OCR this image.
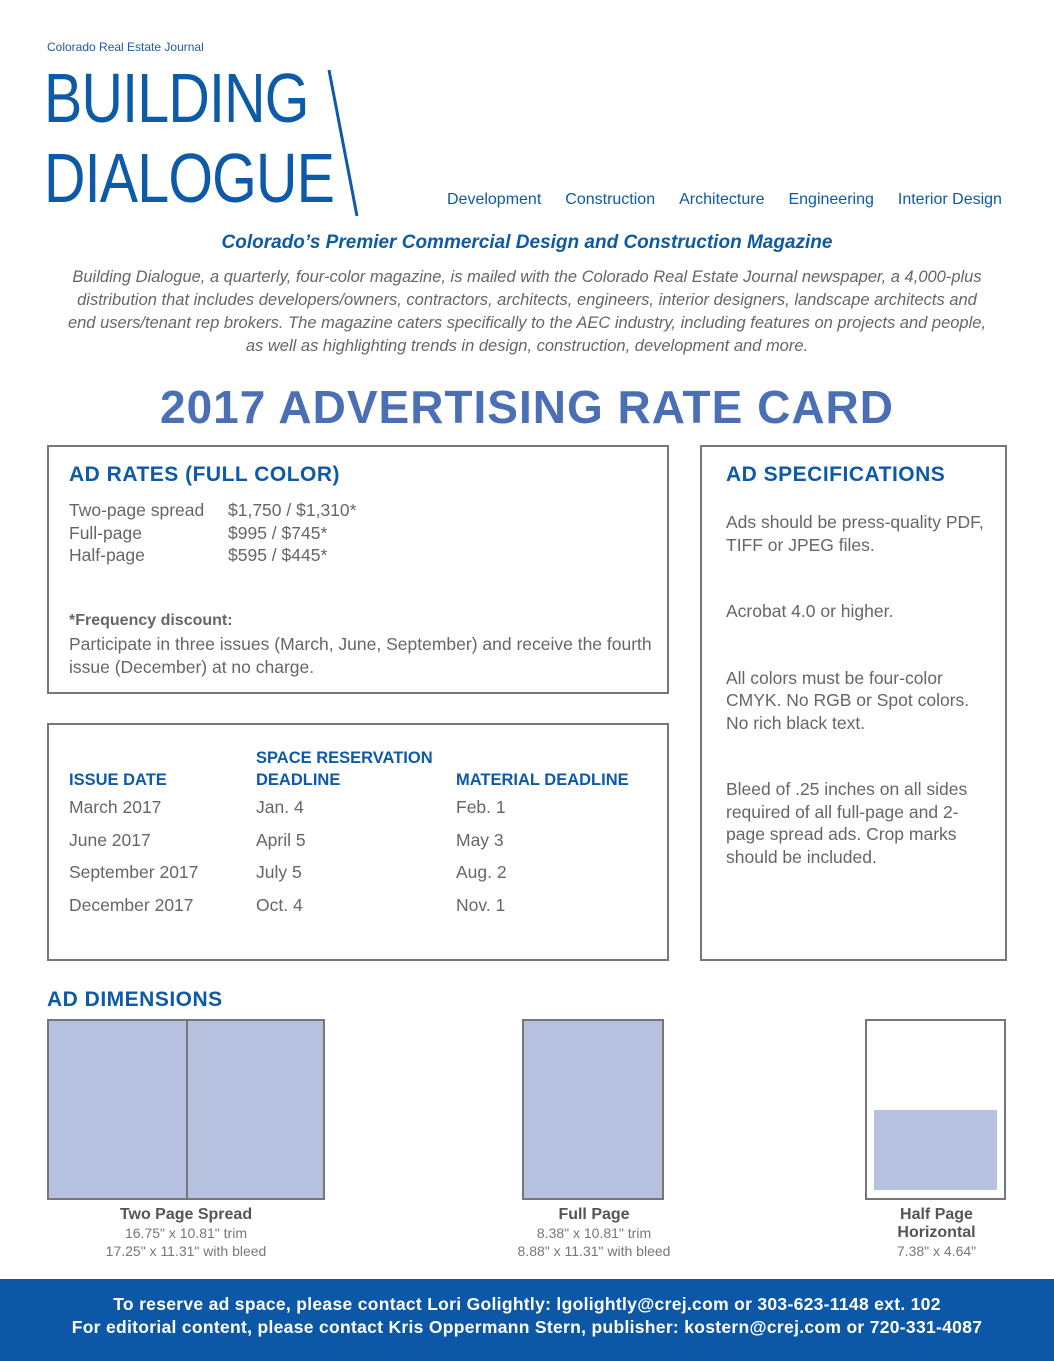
Colorado Real Estate Journal
BUILDING
DIALOGUE	Development Construction Architecture Engineering Interior Design
Colorado’s Premier Commercial Design and Construction Magazine
Building Dialogue, a quarterly, four-color magazine, is mailed with the Colorado Real Estate Journal newspaper, a 4,000-plus distribution that includes developers/owners, contractors, architects, engineers, interior designers, landscape architects and end users/tenant rep brokers. The magazine caters specifically to the AEC industry, including features on projects and people, as well as highlighting trends in design, construction, development and more.
2017 ADVERTISING RATE CARD
AD RATES (FULL COLOR)
Two-page spread	$1,750 / $1,310*
Full-page	$995 / $745*
Half-page	$595 / $445*
*Frequency discount:
Participate in three issues (March, June, September) and receive the fourth issue (December) at no charge.
ISSUE DATE
SPACE RESERVATION
DEADLINE	MATERIAL DEADLINE
March 2017	Jan. 4	Feb. 1
June 2017	April 5	May 3
September 2017	July 5	Aug. 2
December 2017	Oct. 4	Nov. 1
AD SPECIFICATIONS

Ads should be press-quality PDF, TIFF or JPEG files.

Acrobat 4.0 or higher.

All colors must be four-color CMYK. No RGB or Spot colors. No rich black text.

Bleed of .25 inches on all sides required of all full-page and 2-page spread ads. Crop marks should be included.

AD DIMENSIONS
Two Page Spread
16.75" x 10.81" trim
17.25" x 11.31" with bleed
Full Page
8.38" x 10.81" trim
8.88" x 11.31" with bleed
Half Page
Horizontal
7.38" x 4.64"
To reserve ad space, please contact Lori Golightly: lgolightly@crej.com or 303-623-1148 ext. 102
For editorial content, please contact Kris Oppermann Stern, publisher: kostern@crej.com or 720-331-4087
